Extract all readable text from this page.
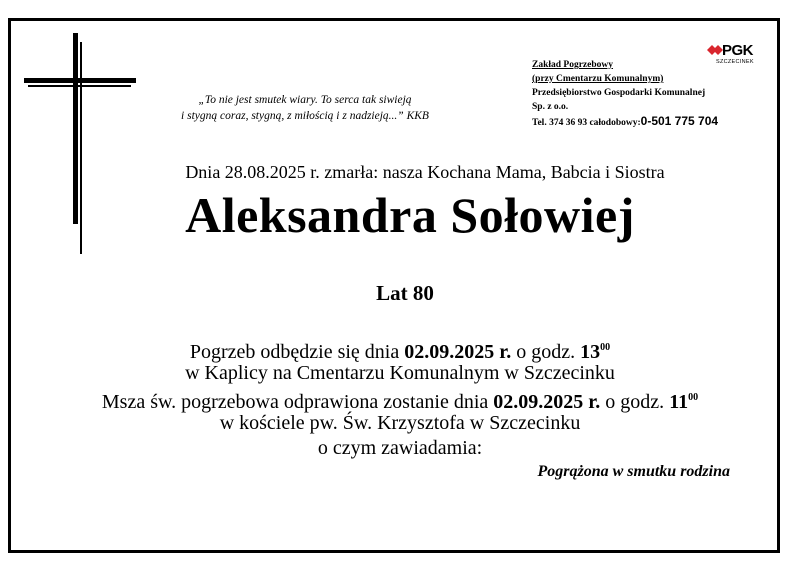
„To nie jest smutek wiary. To serca tak siwieją
i stygną coraz, stygną, z miłością i z nadzieją...” KKB
PGK
SZCZECINEK
Zakład Pogrzebowy
(przy Cmentarzu Komunalnym)
Przedsiębiorstwo Gospodarki Komunalnej
Sp. z o.o.
Tel. 374 36 93 całodobowy:0-501 775 704
Dnia 28.08.2025 r. zmarła: nasza Kochana Mama, Babcia i Siostra
Aleksandra Sołowiej
Lat 80
Pogrzeb odbędzie się dnia 02.09.2025 r. o godz. $13^{00}$
w Kaplicy na Cmentarzu Komunalnym w Szczecinku
Msza św. pogrzebowa odprawiona zostanie dnia 02.09.2025 r. o godz. $11^{00}$
w kościele pw. Św. Krzysztofa w Szczecinku
o czym zawiadamia:
Pogrążona w smutku rodzina
